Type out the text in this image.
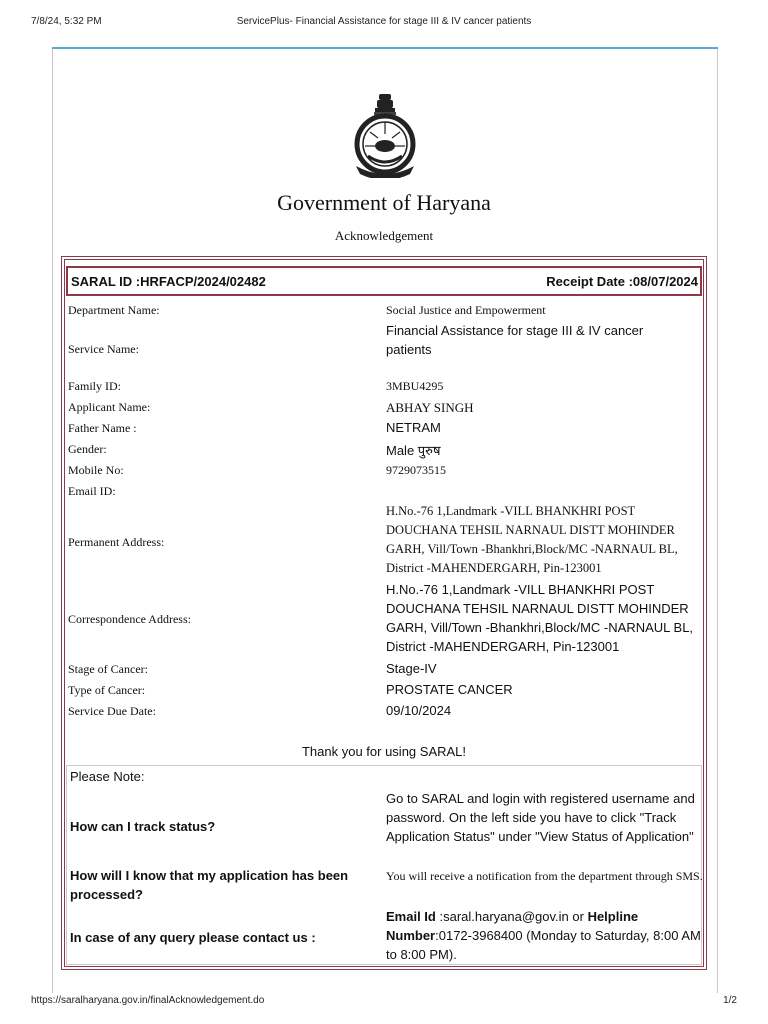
7/8/24, 5:32 PM	ServicePlus- Financial Assistance for stage III & IV cancer patients
Government of Haryana
Acknowledgement
SARAL ID :HRFACP/2024/02482	Receipt Date :08/07/2024
Department Name:	Social Justice and Empowerment
Service Name:
Financial Assistance for stage III & IV cancer patients
Family ID:	3MBU4295
Applicant Name:	ABHAY SINGH
Father Name :	NETRAM
Gender:	Male पुरुष
Mobile No:	9729073515
Email ID:
Permanent Address:
H.No.-76 1,Landmark -VILL BHANKHRI POST DOUCHANA TEHSIL NARNAUL DISTT MOHINDER GARH, Vill/Town -Bhankhri,Block/MC -NARNAUL BL, District -MAHENDERGARH, Pin-123001
Correspondence Address:
H.No.-76 1,Landmark -VILL BHANKHRI POST DOUCHANA TEHSIL NARNAUL DISTT MOHINDER GARH, Vill/Town -Bhankhri,Block/MC -NARNAUL BL, District -MAHENDERGARH, Pin-123001
Stage of Cancer:	Stage-IV
Type of Cancer:	PROSTATE CANCER
Service Due Date:	09/10/2024
Thank you for using SARAL!
Please Note:
How can I track status?
Go to SARAL and login with registered username and password. On the left side you have to click "Track Application Status" under "View Status of Application"
How will I know that my application has been processed?
You will receive a notification from the department through SMS.
In case of any query please contact us :
Email Id :saral.haryana@gov.in or Helpline Number:0172-3968400 (Monday to Saturday, 8:00 AM to 8:00 PM).
https://saralharyana.gov.in/finalAcknowledgement.do	1/2
